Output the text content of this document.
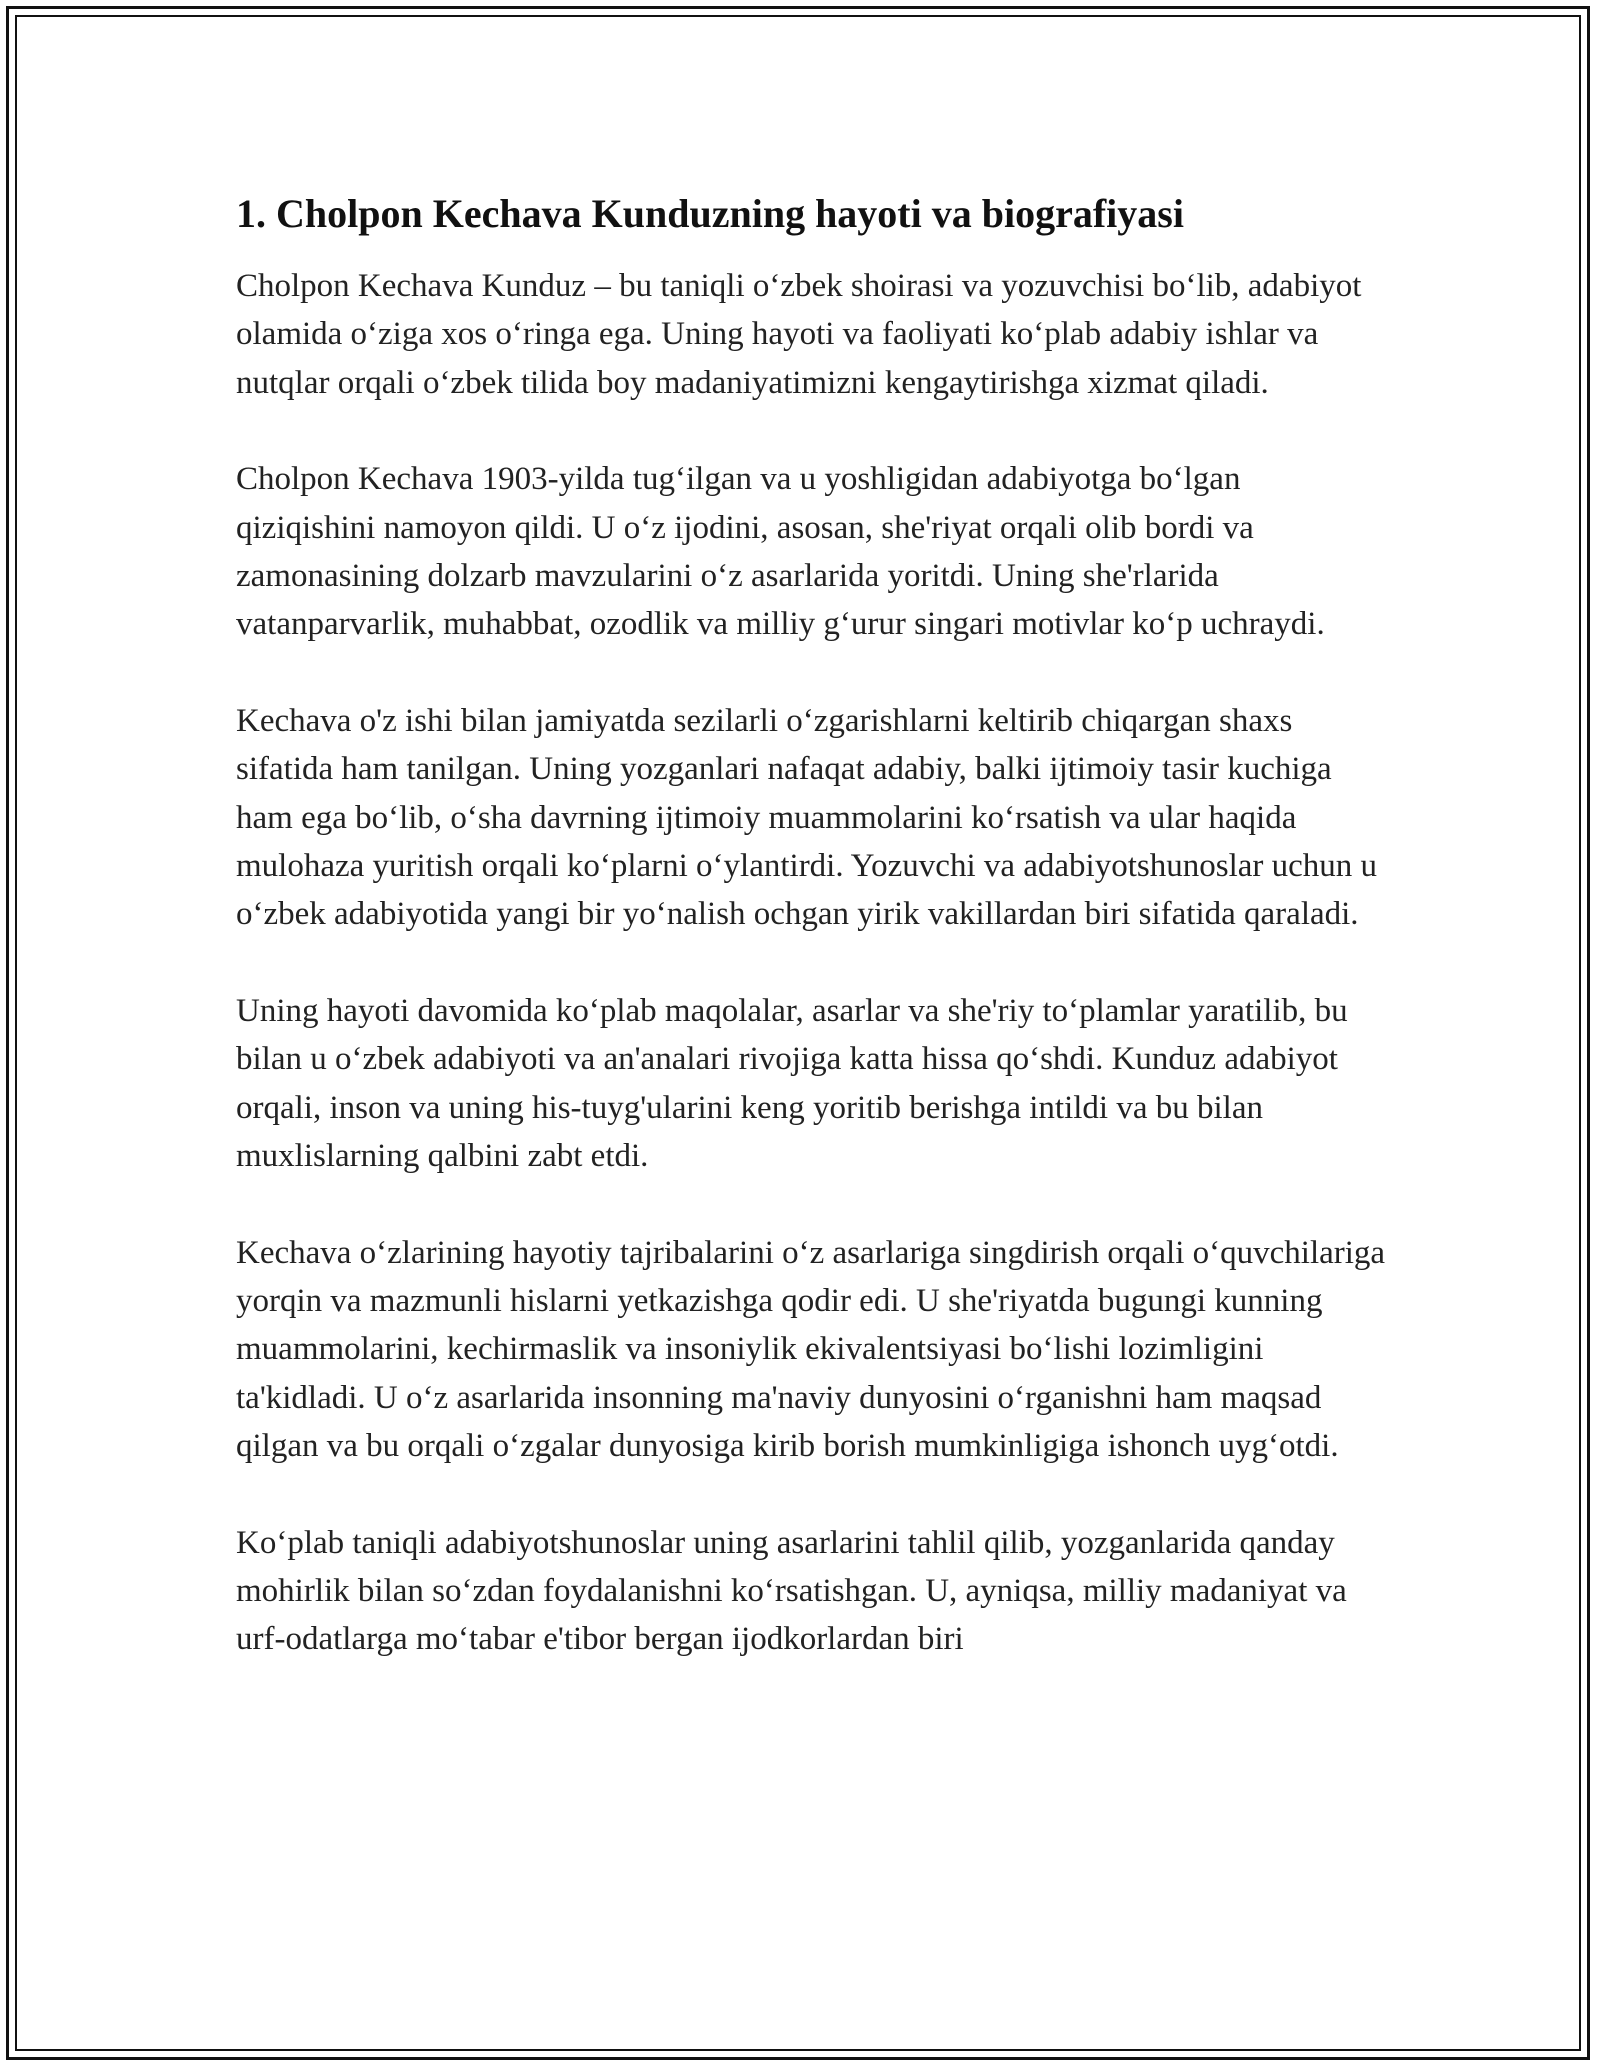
1. Cholpon Kechava Kunduzning hayoti va biografiyasi

Cholpon Kechava Kunduz – bu taniqli oʻzbek shoirasi va yozuvchisi boʻlib, adabiyot olamida oʻziga xos oʻringa ega. Uning hayoti va faoliyati koʻplab adabiy ishlar va nutqlar orqali oʻzbek tilida boy madaniyatimizni kengaytirishga xizmat qiladi.

Cholpon Kechava 1903-yilda tugʻilgan va u yoshligidan adabiyotga boʻlgan qiziqishini namoyon qildi. U oʻz ijodini, asosan, she'riyat orqali olib bordi va zamonasining dolzarb mavzularini oʻz asarlarida yoritdi. Uning she'rlarida vatanparvarlik, muhabbat, ozodlik va milliy gʻurur singari motivlar koʻp uchraydi.

Kechava o'z ishi bilan jamiyatda sezilarli oʻzgarishlarni keltirib chiqargan shaxs sifatida ham tanilgan. Uning yozganlari nafaqat adabiy, balki ijtimoiy tasir kuchiga ham ega boʻlib, oʻsha davrning ijtimoiy muammolarini koʻrsatish va ular haqida mulohaza yuritish orqali koʻplarni oʻylantirdi. Yozuvchi va adabiyotshunoslar uchun u oʻzbek adabiyotida yangi bir yoʻnalish ochgan yirik vakillardan biri sifatida qaraladi.

Uning hayoti davomida koʻplab maqolalar, asarlar va she'riy toʻplamlar yaratilib, bu bilan u oʻzbek adabiyoti va an'analari rivojiga katta hissa qoʻshdi. Kunduz adabiyot orqali, inson va uning his-tuyg'ularini keng yoritib berishga intildi va bu bilan muxlislarning qalbini zabt etdi.

Kechava oʻzlarining hayotiy tajribalarini oʻz asarlariga singdirish orqali oʻquvchilariga yorqin va mazmunli hislarni yetkazishga qodir edi. U she'riyatda bugungi kunning muammolarini, kechirmaslik va insoniylik ekivalentsiyasi boʻlishi lozimligini ta'kidladi. U oʻz asarlarida insonning ma'naviy dunyosini oʻrganishni ham maqsad qilgan va bu orqali oʻzgalar dunyosiga kirib borish mumkinligiga ishonch uygʻotdi.

Koʻplab taniqli adabiyotshunoslar uning asarlarini tahlil qilib, yozganlarida qanday mohirlik bilan soʻzdan foydalanishni koʻrsatishgan. U, ayniqsa, milliy madaniyat va urf-odatlarga moʻtabar e'tibor bergan ijodkorlardan biri
